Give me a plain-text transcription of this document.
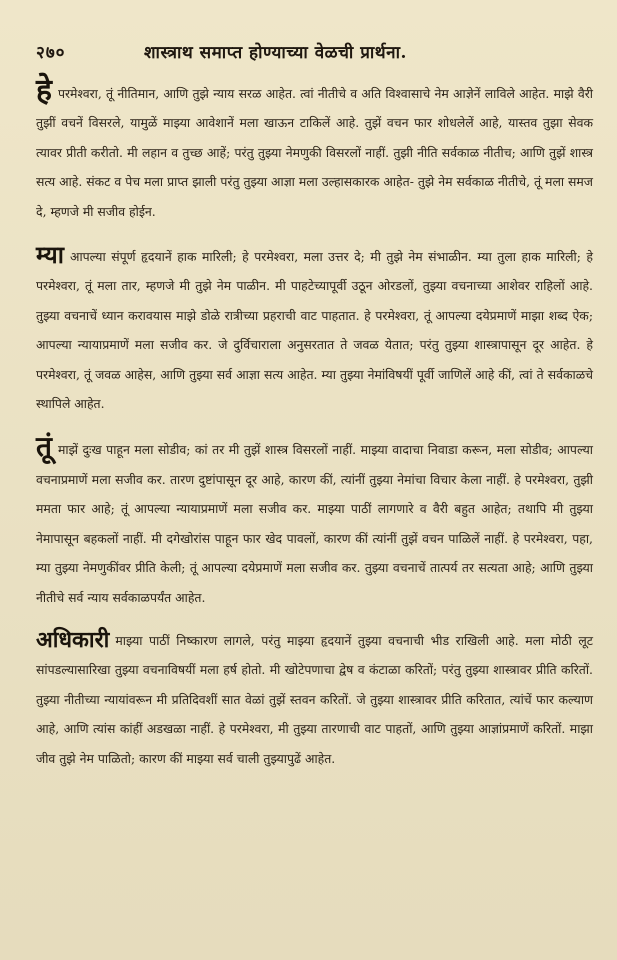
२७०	शास्त्राथ समाप्त होण्याच्या वेळची प्रार्थना.

हेपरमेश्वरा, तूं नीतिमान, आणि तुझे न्याय सरळ आहेत. त्वां नीतीचे व अति विश्वासाचे नेम आज्ञेनें लाविले आहेत. माझे वैरी तुझीं वचनें विसरले, यामुळें माझ्या आवेशानें मला खाऊन टाकिलें आहे. तुझें वचन फार शोधलेलें आहे, यास्तव तुझा सेवक त्यावर प्रीती करीतो. मी लहान व तुच्छ आहें; परंतु तुझ्या नेमणुकी विसरलों नाहीं. तुझी नीति सर्वकाळ नीतीच; आणि तुझें शास्त्र सत्य आहे. संकट व पेच मला प्राप्त झाली परंतु तुझ्या आज्ञा मला उल्हासकारक आहेत- तुझे नेम सर्वकाळ नीतीचे, तूं मला समज दे, म्हणजे मी सजीव होईन.

म्या आपल्या संपूर्ण हृदयानें हाक मारिली; हे परमेश्वरा, मला उत्तर दे; मी तुझे नेम संभाळीन. म्या तुला हाक मारिली; हे परमेश्वरा, तूं मला तार, म्हणजे मी तुझे नेम पाळीन. मी पाहटेच्यापूर्वी उठून ओरडलों, तुझ्या वचनाच्या आशेवर राहिलों आहे. तुझ्या वचनाचें ध्यान करावयास माझे डोळे रात्रीच्या प्रहराची वाट पाहतात. हे परमेश्वरा, तूं आपल्या दयेप्रमाणें माझा शब्द ऐक; आपल्या न्यायाप्रमाणें मला सजीव कर. जे दुर्विचाराला अनुसरतात ते जवळ येतात; परंतु तुझ्या शास्त्रापासून दूर आहेत. हे परमेश्वरा, तूं जवळ आहेस, आणि तुझ्या सर्व आज्ञा सत्य आहेत. म्या तुझ्या नेमांविषयीं पूर्वी जाणिलें आहे कीं, त्वां ते सर्वकाळचे स्थापिले आहेत.

तूंमाझें दुःख पाहून मला सोडीव; कां तर मी तुझें शास्त्र विसरलों नाहीं. माझ्या वादाचा निवाडा करून, मला सोडीव; आपल्या वचनाप्रमाणें मला सजीव कर. तारण दुष्टांपासून दूर आहे, कारण कीं, त्यांनीं तुझ्या नेमांचा विचार केला नाहीं. हे परमेश्वरा, तुझी ममता फार आहे; तूं आपल्या न्यायाप्रमाणें मला सजीव कर. माझ्या पाठीं लागणारे व वैरी बहुत आहेत; तथापि मी तुझ्या नेमापासून बहकलों नाहीं. मी दगेखोरांस पाहून फार खेद पावलों, कारण कीं त्यांनीं तुझें वचन पाळिलें नाहीं. हे परमेश्वरा, पहा, म्या तुझ्या नेमणुकींवर प्रीति केली; तूं आपल्या दयेप्रमाणें मला सजीव कर. तुझ्या वचनाचें तात्पर्य तर सत्यता आहे; आणि तुझ्या नीतीचे सर्व न्याय सर्वकाळपर्यंत आहेत.

अधिकारी माझ्या पाठीं निष्कारण लागले, परंतु माझ्या हृदयानें तुझ्या वचनाची भीड राखिली आहे. मला मोठी लूट सांपडल्यासारिखा तुझ्या वचनाविषयीं मला हर्ष होतो. मी खोटेपणाचा द्वेष व कंटाळा करितों; परंतु तुझ्या शास्त्रावर प्रीति करितों. तुझ्या नीतीच्या न्यायांवरून मी प्रतिदिवशीं सात वेळां तुझें स्तवन करितों. जे तुझ्या शास्त्रावर प्रीति करितात, त्यांचें फार कल्याण आहे, आणि त्यांस कांहीं अडखळा नाहीं. हे परमेश्वरा, मी तुझ्या तारणाची वाट पाहतों, आणि तुझ्या आज्ञांप्रमाणें करितों. माझा जीव तुझे नेम पाळितो; कारण कीं माझ्या सर्व चाली तुझ्यापुढें आहेत.
